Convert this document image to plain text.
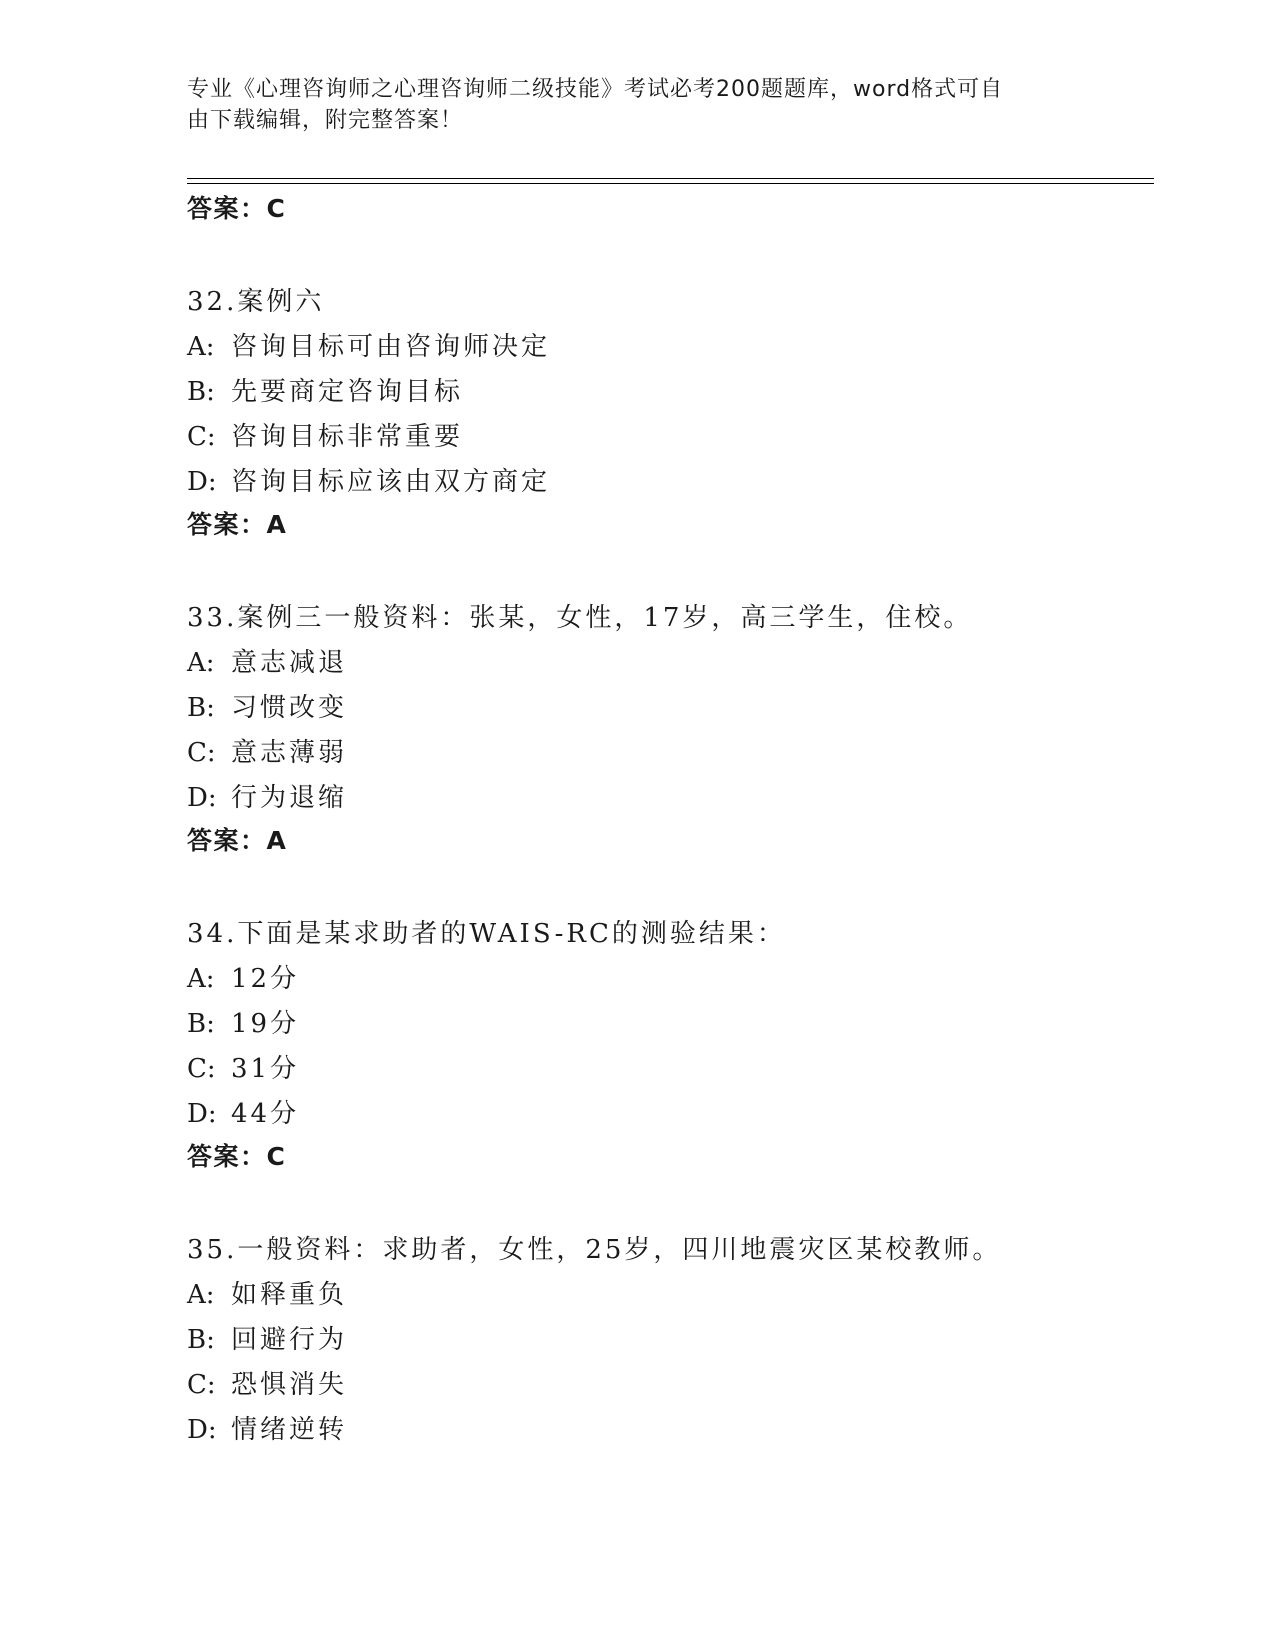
专业《心理咨询师之心理咨询师二级技能》考试必考200题题库，word格式可自
由下载编辑，附完整答案！
答案：C
32.案例六
A: 咨询目标可由咨询师决定
B: 先要商定咨询目标
C: 咨询目标非常重要
D: 咨询目标应该由双方商定
答案：A
33.案例三一般资料：张某，女性，17岁，高三学生，住校。
A: 意志减退
B: 习惯改变
C: 意志薄弱
D: 行为退缩
答案：A
34.下面是某求助者的WAIS-RC的测验结果：
A: 12分
B: 19分
C: 31分
D: 44分
答案：C
35.一般资料：求助者，女性，25岁，四川地震灾区某校教师。
A: 如释重负
B: 回避行为
C: 恐惧消失
D: 情绪逆转
